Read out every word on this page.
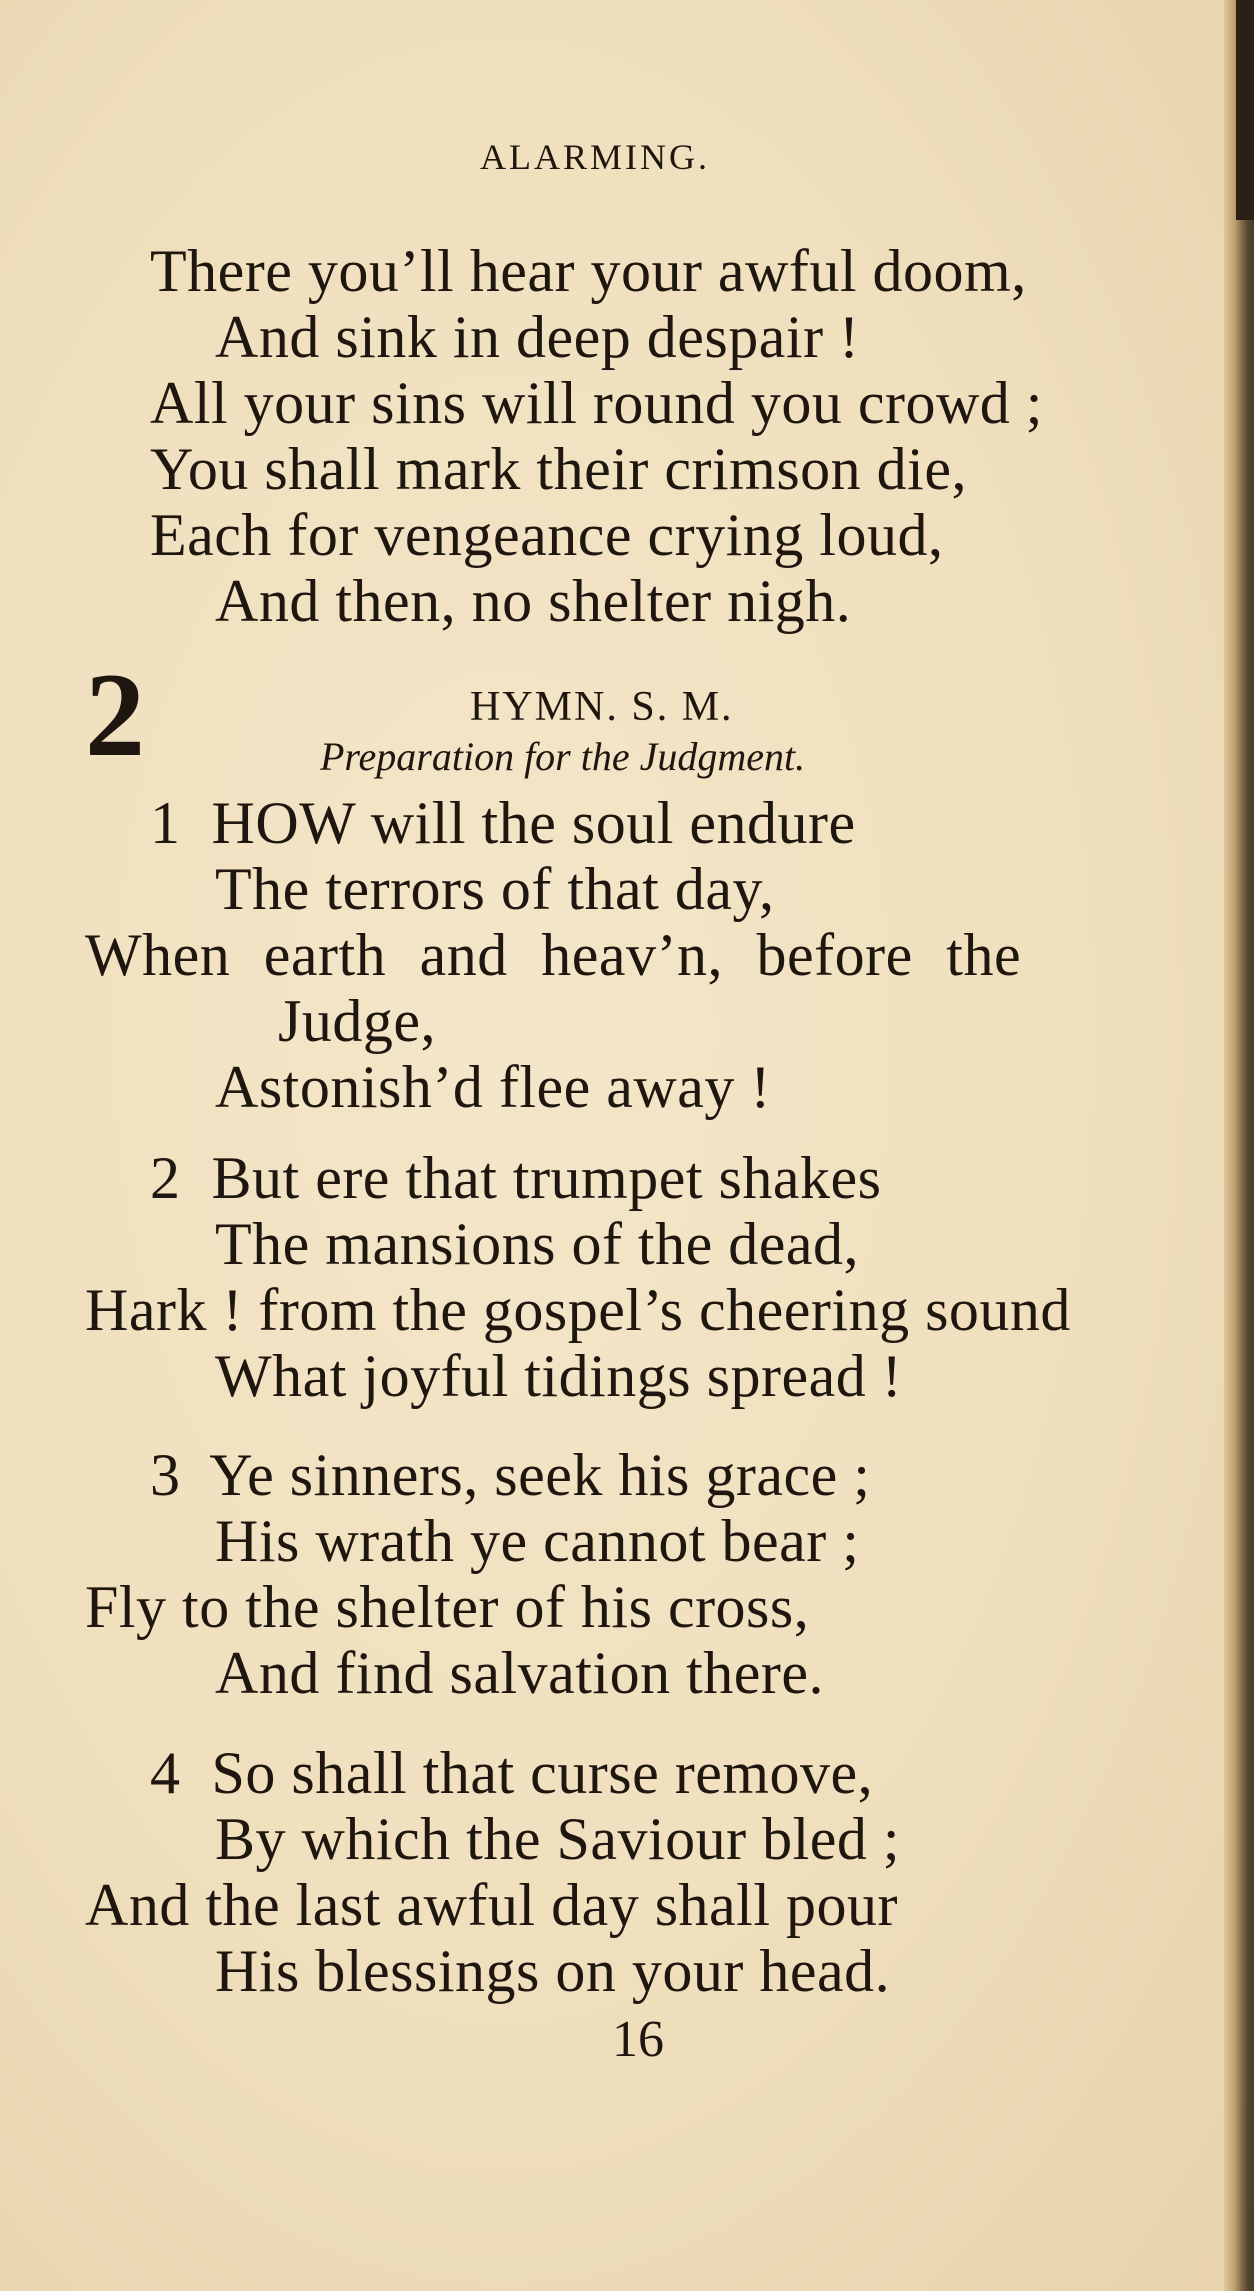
ALARMING.
There you’ll hear your awful doom,
And sink in deep despair !
All your sins will round you crowd ;
You shall mark their crimson die,
Each for vengeance crying loud,
And then, no shelter nigh.
2	HYMN. S. M.
Preparation for the Judgment.
1 HOW will the soul endure
The terrors of that day,
When earth and heav’n, before the
Judge,
Astonish’d flee away !
2 But ere that trumpet shakes
The mansions of the dead,
Hark ! from the gospel’s cheering sound
What joyful tidings spread !
3 Ye sinners, seek his grace ;
His wrath ye cannot bear ;
Fly to the shelter of his cross,
And find salvation there.
4 So shall that curse remove,
By which the Saviour bled ;
And the last awful day shall pour
His blessings on your head.
16
